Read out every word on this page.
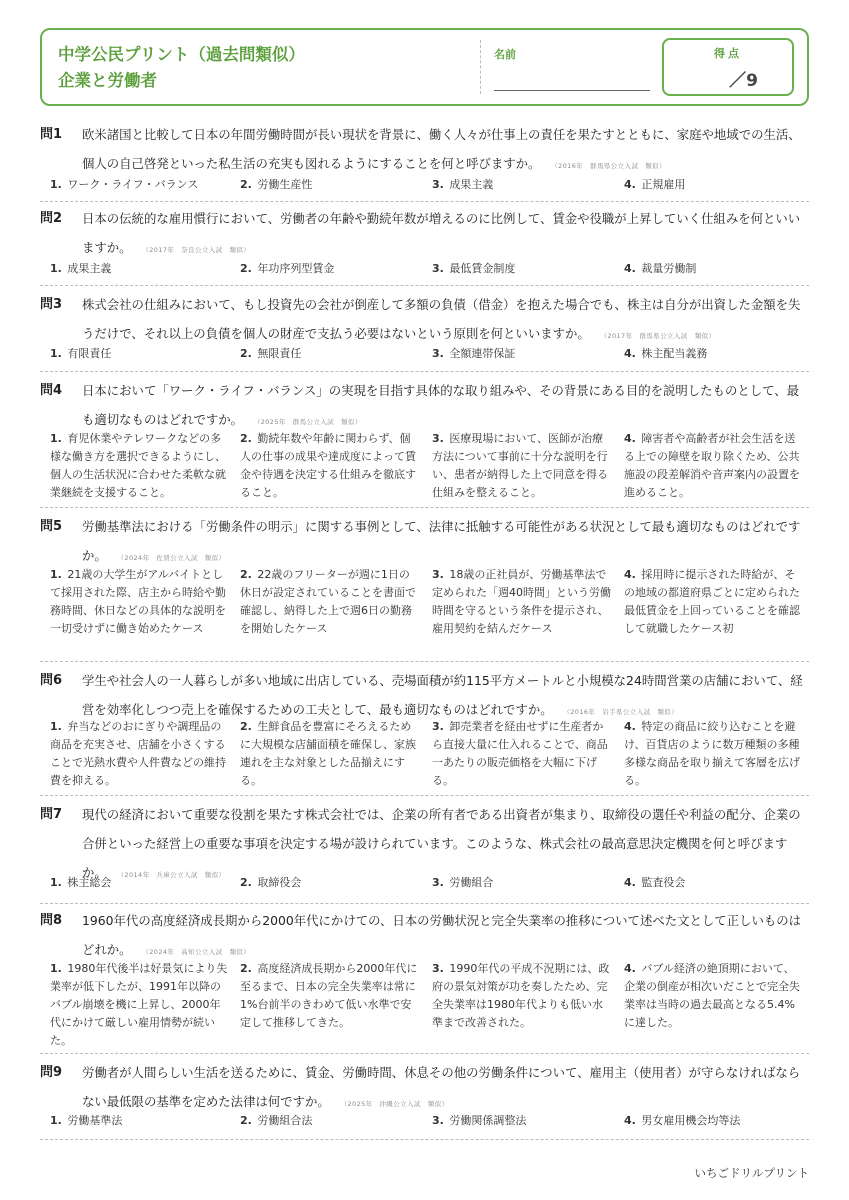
中学公民プリント（過去問類似）
企業と労働者
名前	得点
／9
問1 欧米諸国と比較して日本の年間労働時間が長い現状を背景に、働く人々が仕事上の責任を果たすとともに、家庭や地域での生活、個人の自己啓発といった私生活の充実も図れるようにすることを何と呼びますか。 （2016年　群馬県公立入試　類似）
1. ワーク・ライフ・バランス	2. 労働生産性	3. 成果主義	4. 正規雇用
問2 日本の伝統的な雇用慣行において、労働者の年齢や勤続年数が増えるのに比例して、賃金や役職が上昇していく仕組みを何といいますか。 （2017年　奈良公立入試　類似）
1. 成果主義	2. 年功序列型賃金	3. 最低賃金制度	4. 裁量労働制
問3 株式会社の仕組みにおいて、もし投資先の会社が倒産して多額の負債（借金）を抱えた場合でも、株主は自分が出資した金額を失うだけで、それ以上の負債を個人の財産で支払う必要はないという原則を何といいますか。 （2017年　群馬県公立入試　類似）
1. 有限責任	2. 無限責任	3. 全額連帯保証	4. 株主配当義務
問4 日本において「ワーク・ライフ・バランス」の実現を目指す具体的な取り組みや、その背景にある目的を説明したものとして、最も適切なものはどれですか。 （2025年　群馬公立入試　類似）
1. 育児休業やテレワークなどの多様な働き方を選択できるようにし、個人の生活状況に合わせた柔軟な就業継続を支援すること。
2. 勤続年数や年齢に関わらず、個人の仕事の成果や達成度によって賃金や待遇を決定する仕組みを徹底すること。
3. 医療現場において、医師が治療方法について事前に十分な説明を行い、患者が納得した上で同意を得る仕組みを整えること。
4. 障害者や高齢者が社会生活を送る上での障壁を取り除くため、公共施設の段差解消や音声案内の設置を進めること。
問5 労働基準法における「労働条件の明示」に関する事例として、法律に抵触する可能性がある状況として最も適切なものはどれですか。 （2024年　佐賀公立入試　類似）
1. 21歳の大学生がアルバイトとして採用された際、店主から時給や勤務時間、休日などの具体的な説明を一切受けずに働き始めたケース
2. 22歳のフリーターが週に1日の休日が設定されていることを書面で確認し、納得した上で週6日の勤務を開始したケース
3. 18歳の正社員が、労働基準法で定められた「週40時間」という労働時間を守るという条件を提示され、雇用契約を結んだケース
4. 採用時に提示された時給が、その地域の都道府県ごとに定められた最低賃金を上回っていることを確認して就職したケース初
問6 学生や社会人の一人暮らしが多い地域に出店している、売場面積が約115平方メートルと小規模な24時間営業の店舗において、経営を効率化しつつ売上を確保するための工夫として、最も適切なものはどれですか。 （2016年　岩手県公立入試　類似）
1. 弁当などのおにぎりや調理品の商品を充実させ、店舗を小さくすることで光熱水費や人件費などの維持費を抑える。
2. 生鮮食品を豊富にそろえるために大規模な店舗面積を確保し、家族連れを主な対象とした品揃えにする。
3. 卸売業者を経由せずに生産者から直接大量に仕入れることで、商品一あたりの販売価格を大幅に下げる。
4. 特定の商品に絞り込むことを避け、百貨店のように数万種類の多種多様な商品を取り揃えて客層を広げる。
問7 現代の経済において重要な役割を果たす株式会社では、企業の所有者である出資者が集まり、取締役の選任や利益の配分、企業の合併といった経営上の重要な事項を決定する場が設けられています。このような、株式会社の最高意思決定機関を何と呼びますか。 （2014年　兵庫公立入試　類似）
1. 株主総会	2. 取締役会	3. 労働組合	4. 監査役会
問8 1960年代の高度経済成長期から2000年代にかけての、日本の労働状況と完全失業率の推移について述べた文として正しいものはどれか。 （2024年　高知公立入試　類似）
1. 1980年代後半は好景気により失業率が低下したが、1991年以降のバブル崩壊を機に上昇し、2000年代にかけて厳しい雇用情勢が続いた。
2. 高度経済成長期から2000年代に至るまで、日本の完全失業率は常に1%台前半のきわめて低い水準で安定して推移してきた。
3. 1990年代の平成不況期には、政府の景気対策が功を奏したため、完全失業率は1980年代よりも低い水準まで改善された。
4. バブル経済の絶頂期において、企業の倒産が相次いだことで完全失業率は当時の過去最高となる5.4%に達した。
問9 労働者が人間らしい生活を送るために、賃金、労働時間、休息その他の労働条件について、雇用主（使用者）が守らなければならない最低限の基準を定めた法律は何ですか。 （2025年　沖縄公立入試　類似）
1. 労働基準法	2. 労働組合法	3. 労働関係調整法	4. 男女雇用機会均等法
いちごドリルプリント
